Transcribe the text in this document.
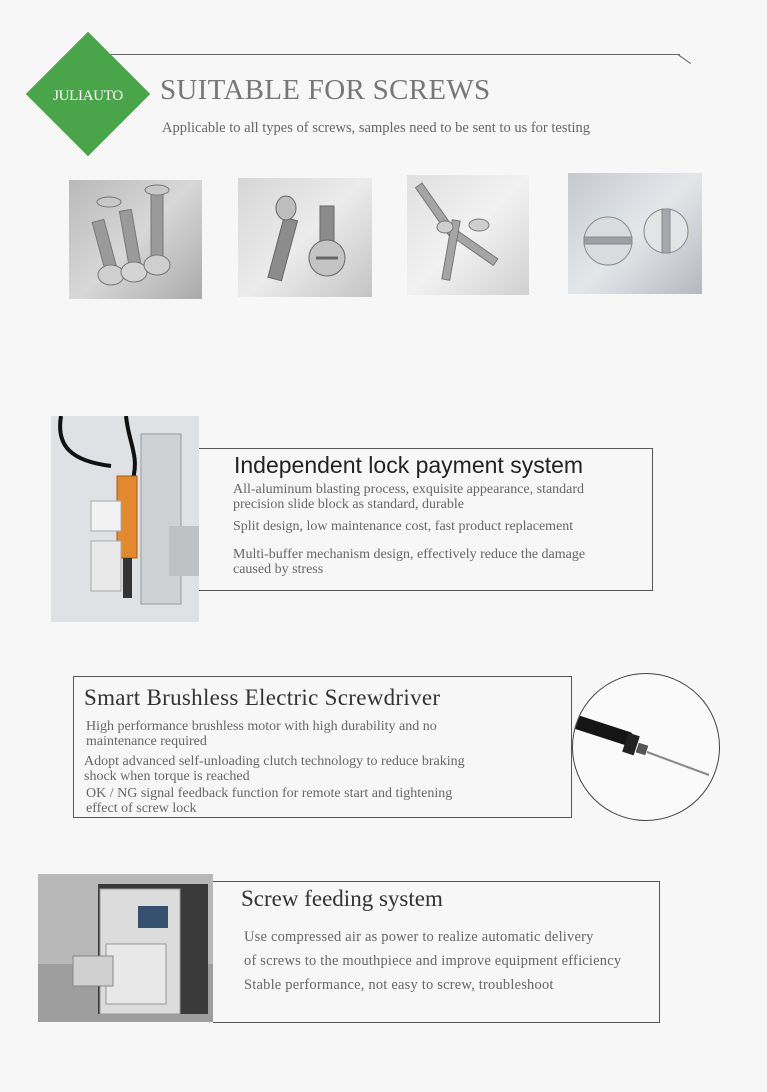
JULIAUTO	SUITABLE FOR SCREWS
Applicable to all types of screws, samples need to be sent to us for testing
Independent lock payment system
All-aluminum blasting process, exquisite appearance, standard
precision slide block as standard, durable
Split design, low maintenance cost, fast product replacement
Multi-buffer mechanism design, effectively reduce the damage
caused by stress
Smart Brushless Electric Screwdriver
High performance brushless motor with high durability and no
maintenance required
Adopt advanced self-unloading clutch technology to reduce braking
shock when torque is reached
OK / NG signal feedback function for remote start and tightening
effect of screw lock
Screw feeding system
Use compressed air as power to realize automatic delivery
of screws to the mouthpiece and improve equipment efficiency
Stable performance, not easy to screw, troubleshoot
